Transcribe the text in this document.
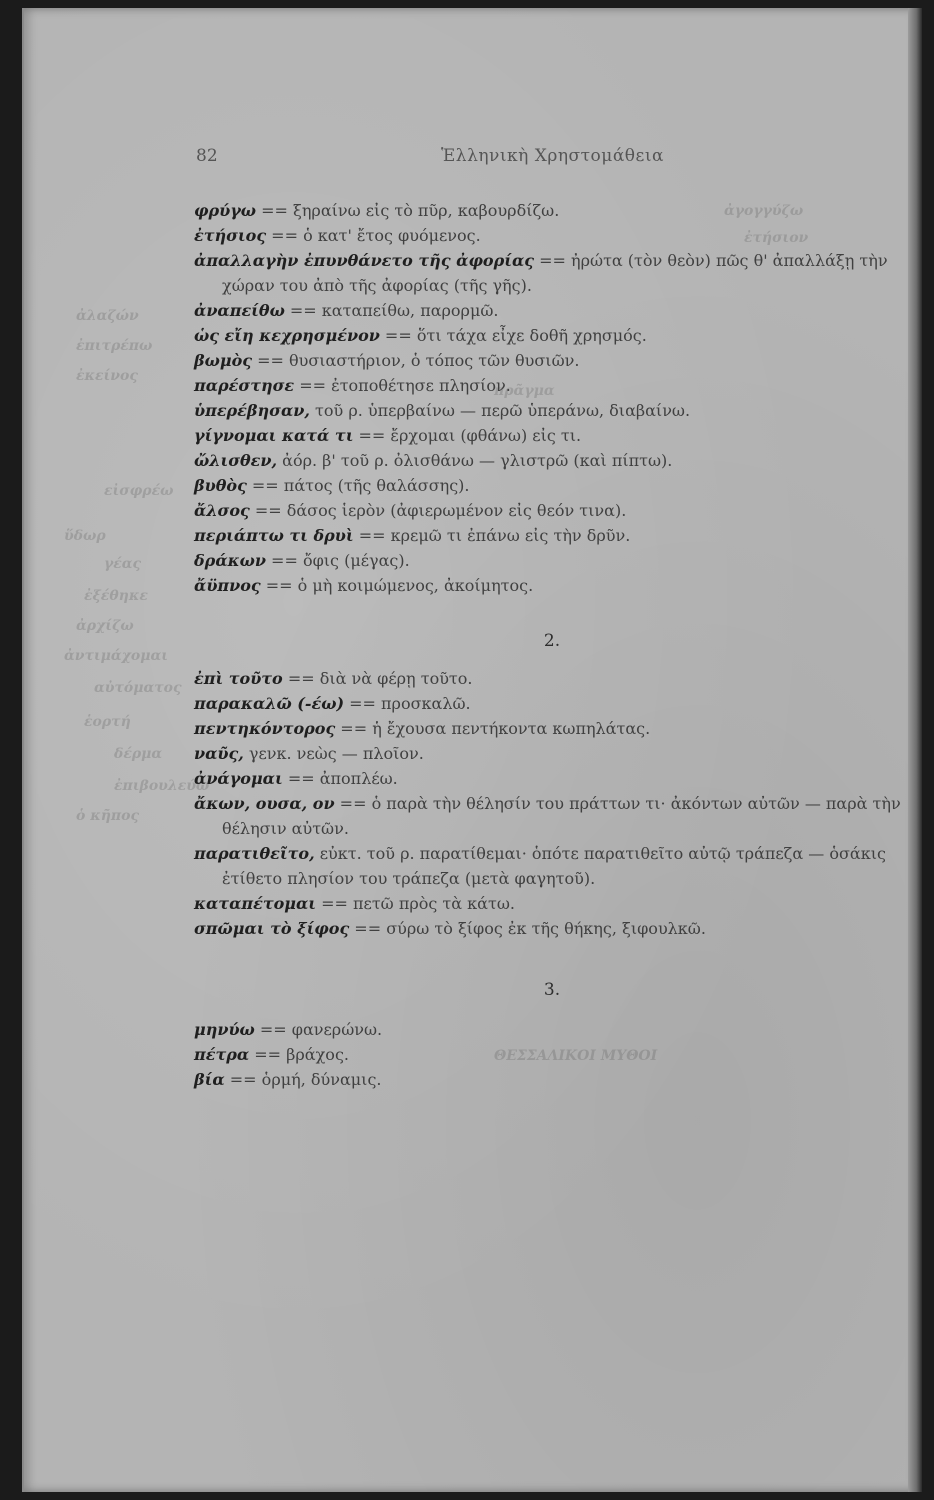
82	Ἑλληνικὴ Χρηστομάθεια
ἀγογγύζω
ἐτήσιον
ἀλαζών
ἐπιτρέπω
ἐκείνος
πρᾶγμα
εἰσφρέω
ὕδωρ
γέας
ἐξέθηκε
ἀρχίζω
ἀντιμάχομαι
αὐτόματος
ἑορτή
δέρμα
ἐπιβουλεύω
ὁ κῆπος
ΘΕΣΣΑΛΙΚΟΙ ΜΥΘΟΙ

φρύγω == ξηραίνω εἰς τὸ πῦρ, καβουρδίζω.

ἐτήσιος == ὁ κατ' ἔτος φυόμενος.

ἀπαλλαγὴν ἐπυνθάνετο τῆς ἀφορίας == ἠρώτα (τὸν θεὸν) πῶς θ' ἀπαλλάξῃ τὴν χώραν του ἀπὸ τῆς ἀφορίας (τῆς γῆς).

ἀναπείθω == καταπείθω, παρορμῶ.

ὡς εἴη κεχρησμένον == ὅτι τάχα εἶχε δοθῆ χρησμός.

βωμὸς == θυσιαστήριον, ὁ τόπος τῶν θυσιῶν.

παρέστησε == ἐτοποθέτησε πλησίον.

ὑπερέβησαν, τοῦ ρ. ὑπερβαίνω — περῶ ὑπεράνω, διαβαίνω.

γίγνομαι κατά τι == ἔρχομαι (φθάνω) εἰς τι.

ὤλισθεν, ἀόρ. β' τοῦ ρ. ὀλισθάνω — γλιστρῶ (καὶ πίπτω).

βυθὸς == πάτος (τῆς θαλάσσης).

ἄλσος == δάσος ἱερὸν (ἀφιερωμένον εἰς θεόν τινα).

περιάπτω τι δρυὶ == κρεμῶ τι ἐπάνω εἰς τὴν δρῦν.

δράκων == ὄφις (μέγας).

ἄϋπνος == ὁ μὴ κοιμώμενος, ἀκοίμητος.

2.

ἐπὶ τοῦτο == διὰ νὰ φέρῃ τοῦτο.

παρακαλῶ (-έω) == προσκαλῶ.

πεντηκόντορος == ἡ ἔχουσα πεντήκοντα κωπηλάτας.

ναῦς, γενκ. νεὼς — πλοῖον.

ἀνάγομαι == ἀποπλέω.

ἄκων, ουσα, ον == ὁ παρὰ τὴν θέλησίν του πράττων τι· ἀκόντων αὐτῶν — παρὰ τὴν θέλησιν αὐτῶν.

παρατιθεῖτο, εὐκτ. τοῦ ρ. παρατίθεμαι· ὁπότε παρατιθεῖτο αὐτῷ τράπεζα — ὁσάκις ἐτίθετο πλησίον του τράπεζα (μετὰ φαγητοῦ).

καταπέτομαι == πετῶ πρὸς τὰ κάτω.

σπῶμαι τὸ ξίφος == σύρω τὸ ξίφος ἐκ τῆς θήκης, ξιφουλκῶ.

3.

μηνύω == φανερώνω.

πέτρα == βράχος.

βία == ὁρμή, δύναμις.
